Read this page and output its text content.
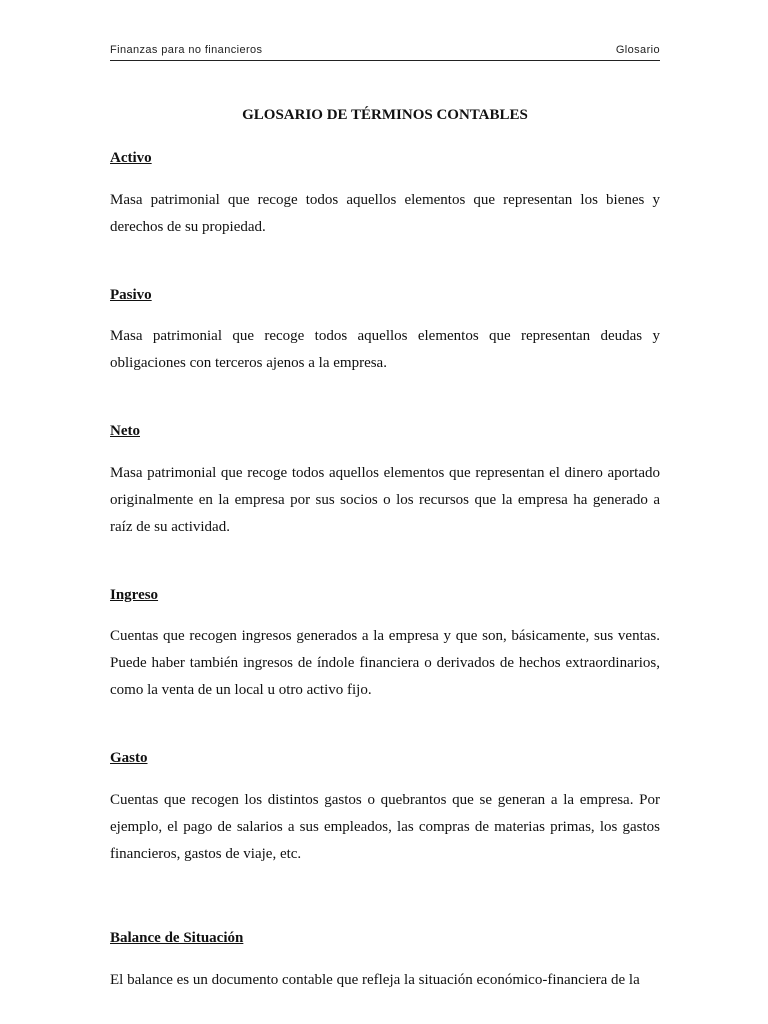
Finanzas para no financieros	Glosario
GLOSARIO DE TÉRMINOS CONTABLES

Activo

Masa patrimonial que recoge todos aquellos elementos que representan los bienes y derechos de su propiedad.

Pasivo

Masa patrimonial que recoge todos aquellos elementos que representan deudas y obligaciones con terceros ajenos a la empresa.

Neto

Masa patrimonial que recoge todos aquellos elementos que representan el dinero aportado originalmente en la empresa por sus socios o los recursos que la empresa ha generado a raíz de su actividad.

Ingreso

Cuentas que recogen ingresos generados a la empresa y que son, básicamente, sus ventas. Puede haber también ingresos de índole financiera o derivados de hechos extraordinarios, como la venta de un local u otro activo fijo.

Gasto

Cuentas que recogen los distintos gastos o quebrantos que se generan a la empresa. Por ejemplo, el pago de salarios a sus empleados, las compras de materias primas, los gastos financieros, gastos de viaje, etc.

Balance de Situación

El balance es un documento contable que refleja la situación económico-financiera de la
